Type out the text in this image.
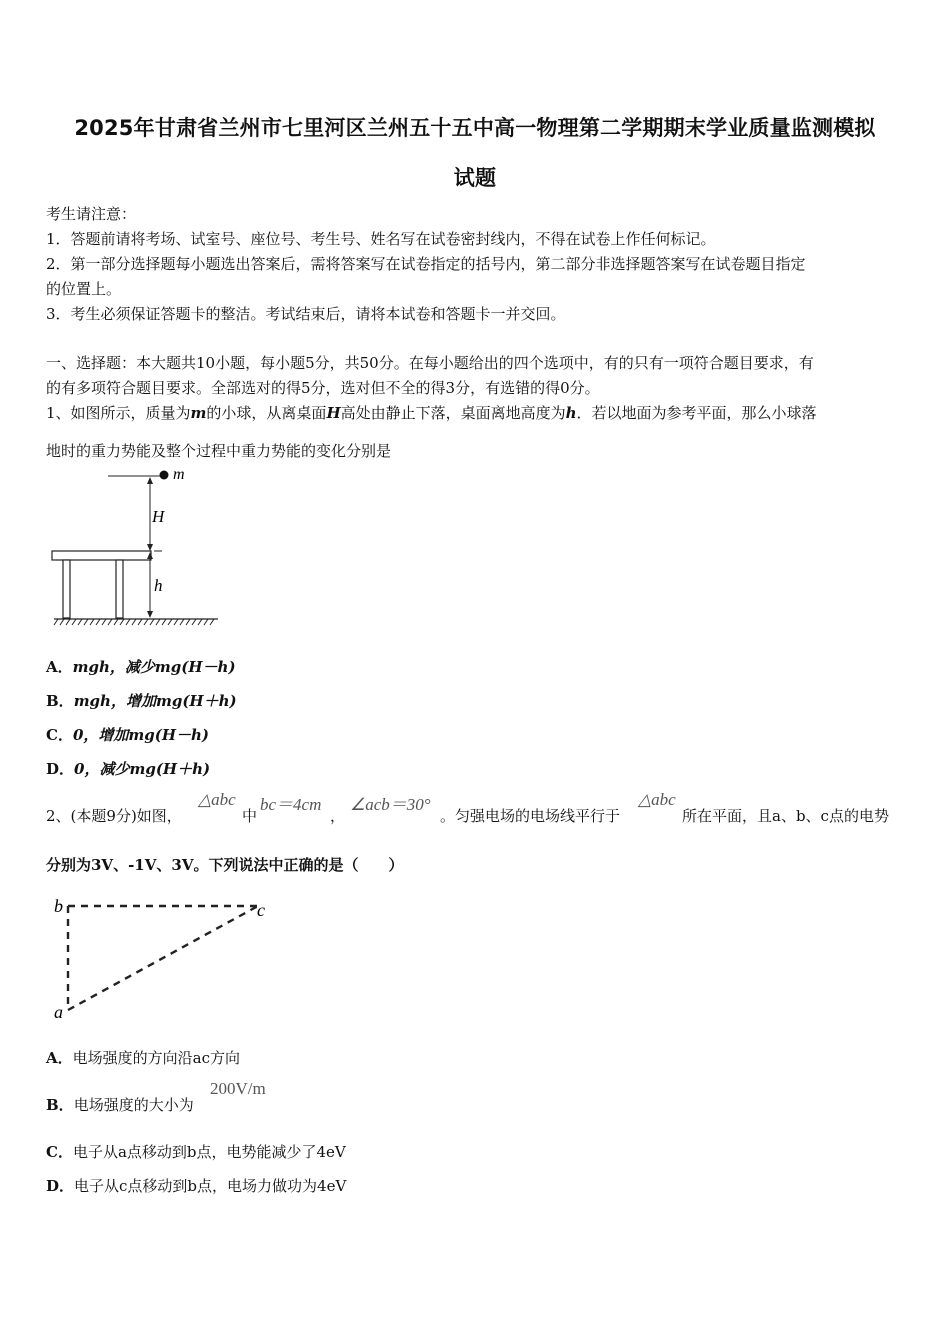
2025年甘肃省兰州市七里河区兰州五十五中高一物理第二学期期末学业质量监测模拟
试题
考生请注意：
1．答题前请将考场、试室号、座位号、考生号、姓名写在试卷密封线内，不得在试卷上作任何标记。
2．第一部分选择题每小题选出答案后，需将答案写在试卷指定的括号内，第二部分非选择题答案写在试卷题目指定
的位置上。
3．考生必须保证答题卡的整洁。考试结束后，请将本试卷和答题卡一并交回。
一、选择题：本大题共10小题，每小题5分，共50分。在每小题给出的四个选项中，有的只有一项符合题目要求，有
的有多项符合题目要求。全部选对的得5分，选对但不全的得3分，有选错的得0分。
1、如图所示，质量为m的小球，从离桌面H高处由静止下落，桌面离地高度为h．若以地面为参考平面，那么小球落
地时的重力势能及整个过程中重力势能的变化分别是
m
H
h
A．mgh，减少mg(H－h)
B．mgh，增加mg(H＋h)
C．0，增加mg(H－h)
D．0，减少mg(H＋h)
2、(本题9分)如图，
△abc
中
bc＝4cm
，
∠acb＝30°
。匀强电场的电场线平行于
△abc
所在平面，且a、b、c点的电势
分别为3V、-1V、3V。下列说法中正确的是（　　）
b	c
a
A．电场强度的方向沿ac方向
B．电场强度的大小为
200V/m
C．电子从a点移动到b点，电势能减少了4eV
D．电子从c点移动到b点，电场力做功为4eV
